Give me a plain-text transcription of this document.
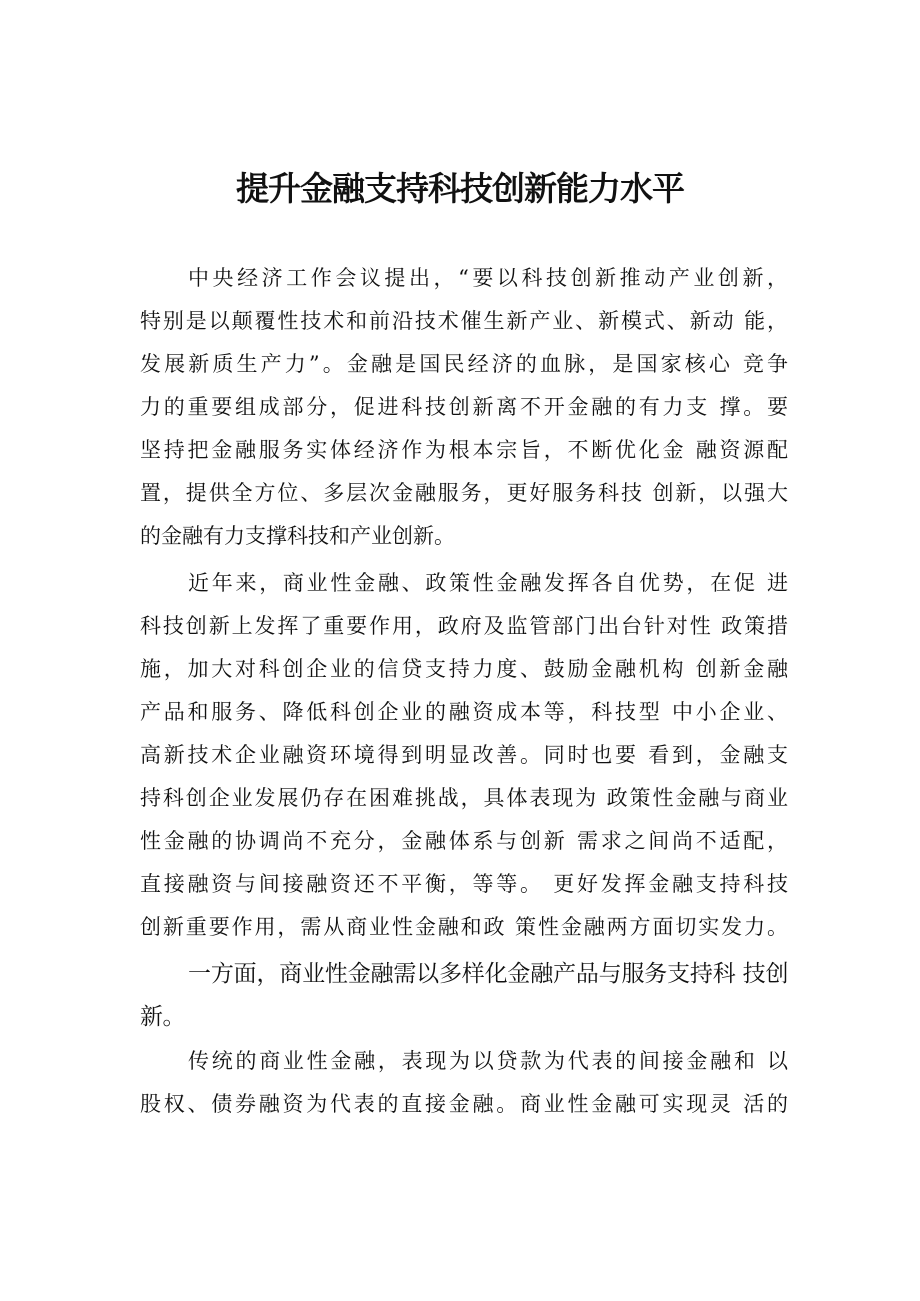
提升金融支持科技创新能力水平
中央经济工作会议提出，“要以科技创新推动产业创新，
特别是以颠覆性技术和前沿技术催生新产业、新模式、新动 能，
发展新质生产力”。金融是国民经济的血脉，是国家核心 竞争
力的重要组成部分，促进科技创新离不开金融的有力支 撑。要
坚持把金融服务实体经济作为根本宗旨，不断优化金 融资源配
置，提供全方位、多层次金融服务，更好服务科技 创新，以强大
的金融有力支撑科技和产业创新。
近年来，商业性金融、政策性金融发挥各自优势，在促 进
科技创新上发挥了重要作用，政府及监管部门出台针对性 政策措
施，加大对科创企业的信贷支持力度、鼓励金融机构 创新金融
产品和服务、降低科创企业的融资成本等，科技型 中小企业、
高新技术企业融资环境得到明显改善。同时也要 看到，金融支
持科创企业发展仍存在困难挑战，具体表现为 政策性金融与商业
性金融的协调尚不充分，金融体系与创新 需求之间尚不适配，
直接融资与间接融资还不平衡，等等。 更好发挥金融支持科技
创新重要作用，需从商业性金融和政 策性金融两方面切实发力。
一方面，商业性金融需以多样化金融产品与服务支持科 技创
新。
传统的商业性金融，表现为以贷款为代表的间接金融和 以
股权、债券融资为代表的直接金融。商业性金融可实现灵 活的
